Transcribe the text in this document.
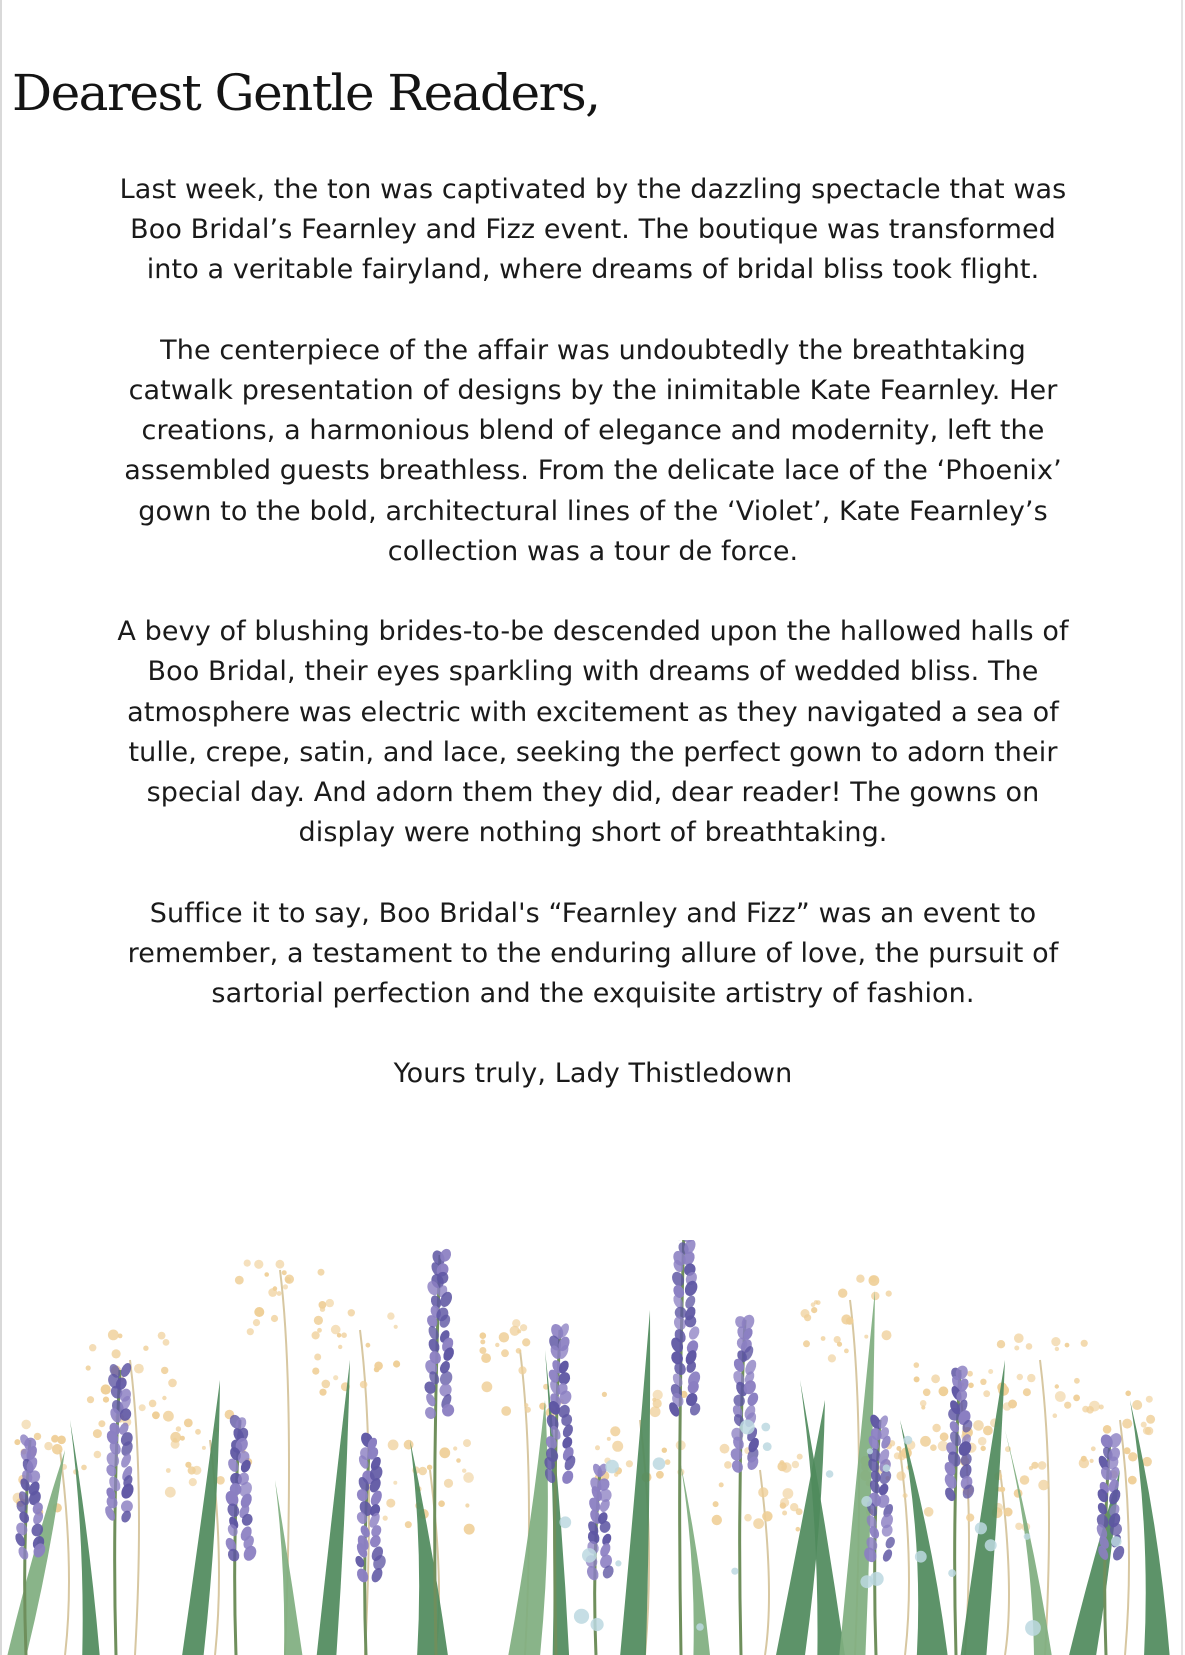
Dearest Gentle Readers,

Last week, the ton was captivated by the dazzling spectacle that was Boo Bridal’s Fearnley and Fizz event. The boutique was transformed into a veritable fairyland, where dreams of bridal bliss took flight.

The centerpiece of the affair was undoubtedly the breathtaking catwalk presentation of designs by the inimitable Kate Fearnley. Her creations, a harmonious blend of elegance and modernity, left the assembled guests breathless. From the delicate lace of the ‘Phoenix’ gown to the bold, architectural lines of the ‘Violet’, Kate Fearnley’s collection was a tour de force.

A bevy of blushing brides-to-be descended upon the hallowed halls of Boo Bridal, their eyes sparkling with dreams of wedded bliss. The atmosphere was electric with excitement as they navigated a sea of tulle, crepe, satin, and lace, seeking the perfect gown to adorn their special day. And adorn them they did, dear reader! The gowns on display were nothing short of breathtaking.

Suffice it to say, Boo Bridal's “Fearnley and Fizz” was an event to remember, a testament to the enduring allure of love, the pursuit of sartorial perfection and the exquisite artistry of fashion.

Yours truly, Lady Thistledown
